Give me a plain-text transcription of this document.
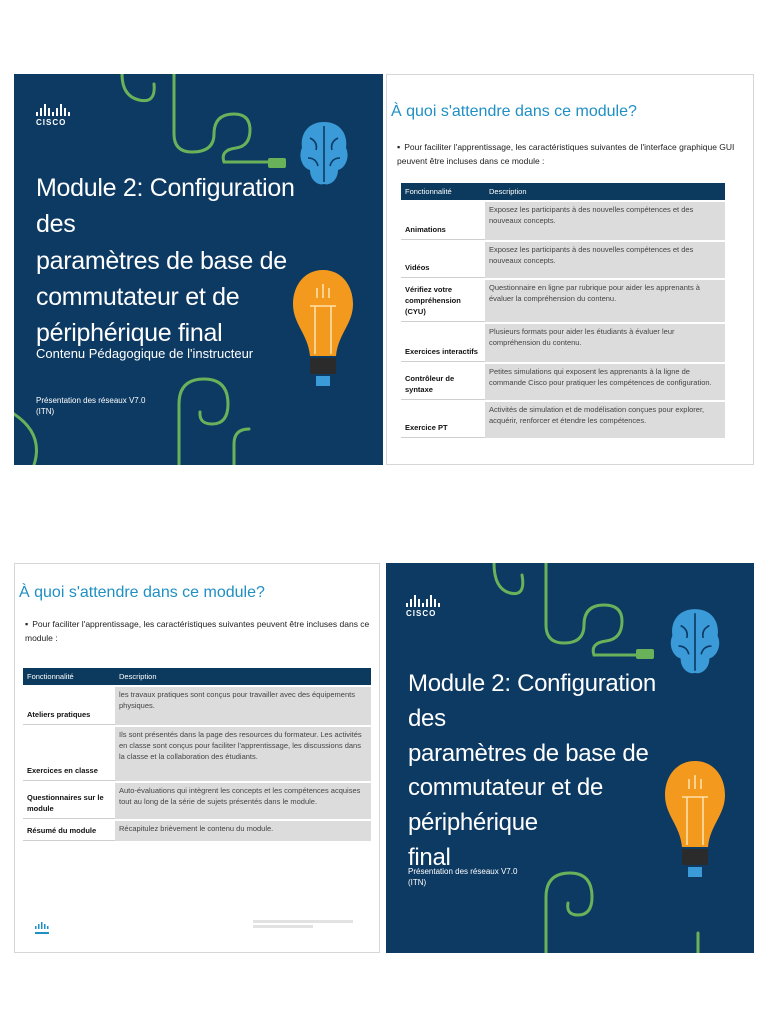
CISCO
Module 2: Configuration des
paramètres de base de
commutateur et de
périphérique final
Contenu Pédagogique de l'instructeur
Présentation des réseaux V7.0
(ITN)
À quoi s'attendre dans ce module?
▪ Pour faciliter l'apprentissage, les caractéristiques suivantes de l'interface graphique GUI peuvent être incluses dans ce module :
Fonctionnalité	Description
Animations	Exposez les participants à des nouvelles compétences et des nouveaux concepts.
Vidéos	Exposez les participants à des nouvelles compétences et des nouveaux concepts.
Vérifiez votre compréhension (CYU)	Questionnaire en ligne par rubrique pour aider les apprenants à évaluer la compréhension du contenu.
Exercices interactifs	Plusieurs formats pour aider les étudiants à évaluer leur compréhension du contenu.
Contrôleur de syntaxe	Petites simulations qui exposent les apprenants à la ligne de commande Cisco pour pratiquer les compétences de configuration.
Exercice PT	Activités de simulation et de modélisation conçues pour explorer, acquérir, renforcer et étendre les compétences.
À quoi s'attendre dans ce module?
▪ Pour faciliter l'apprentissage, les caractéristiques suivantes peuvent être incluses dans ce module :
Fonctionnalité	Description
Ateliers pratiques	les travaux pratiques sont conçus pour travailler avec des équipements physiques.
Exercices en classe	Ils sont présentés dans la page des resources du formateur. Les activités en classe sont conçus pour faciliter l'apprentissage, les discussions dans la classe et la collaboration des étudiants.
Questionnaires sur le module	Auto-évaluations qui intègrent les concepts et les compétences acquises tout au long de la série de sujets présentés dans le module.
Résumé du module	Récapitulez brièvement le contenu du module.
CISCO
Module 2: Configuration des
paramètres de base de
commutateur et de périphérique
final
Présentation des réseaux V7.0
(ITN)
